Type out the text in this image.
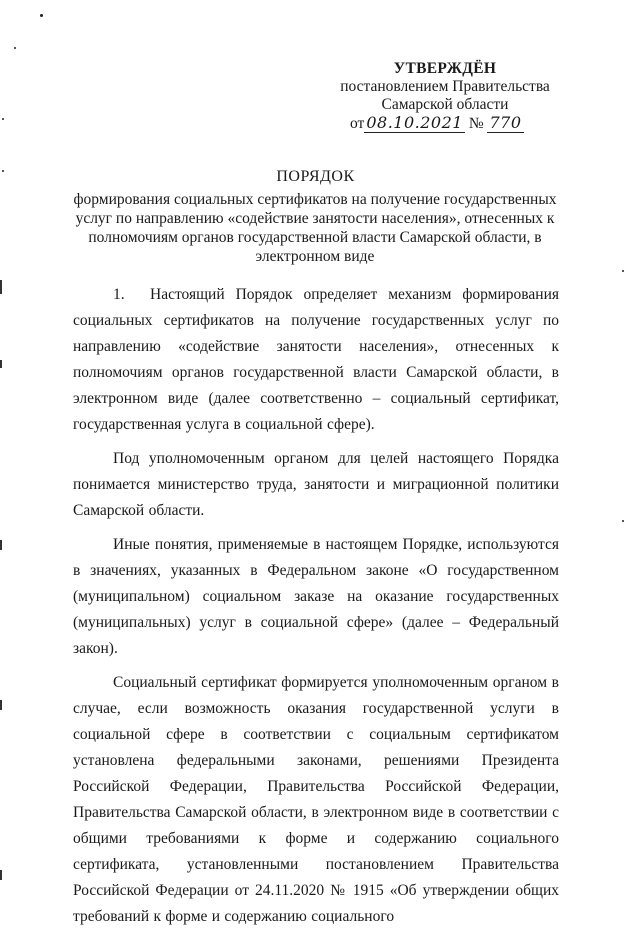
УТВЕРЖДЁН
постановлением Правительства
Самарской области
от 08.10.2021 № 770
ПОРЯДОК
формирования социальных сертификатов на получение государственных услуг по направлению «содействие занятости населения», отнесенных к полномочиям органов государственной власти Самарской области, в электронном виде

1. Настоящий Порядок определяет механизм формирования социальных сертификатов на получение государственных услуг по направлению «содействие занятости населения», отнесенных к полномочиям органов государственной власти Самарской области, в электронном виде (далее соответственно – социальный сертификат, государственная услуга в социальной сфере).

Под уполномоченным органом для целей настоящего Порядка понимается министерство труда, занятости и миграционной политики Самарской области.

Иные понятия, применяемые в настоящем Порядке, используются в значениях, указанных в Федеральном законе «О государственном (муниципальном) социальном заказе на оказание государственных (муниципальных) услуг в социальной сфере» (далее – Федеральный закон).

Социальный сертификат формируется уполномоченным органом в случае, если возможность оказания государственной услуги в социальной сфере в соответствии с социальным сертификатом установлена федеральными законами, решениями Президента Российской Федерации, Правительства Российской Федерации, Правительства Самарской области, в электронном виде в соответствии с общими требованиями к форме и содержанию социального сертификата, установленными постановлением Правительства Российской Федерации от 24.11.2020 № 1915 «Об утверждении общих требований к форме и содержанию социального
